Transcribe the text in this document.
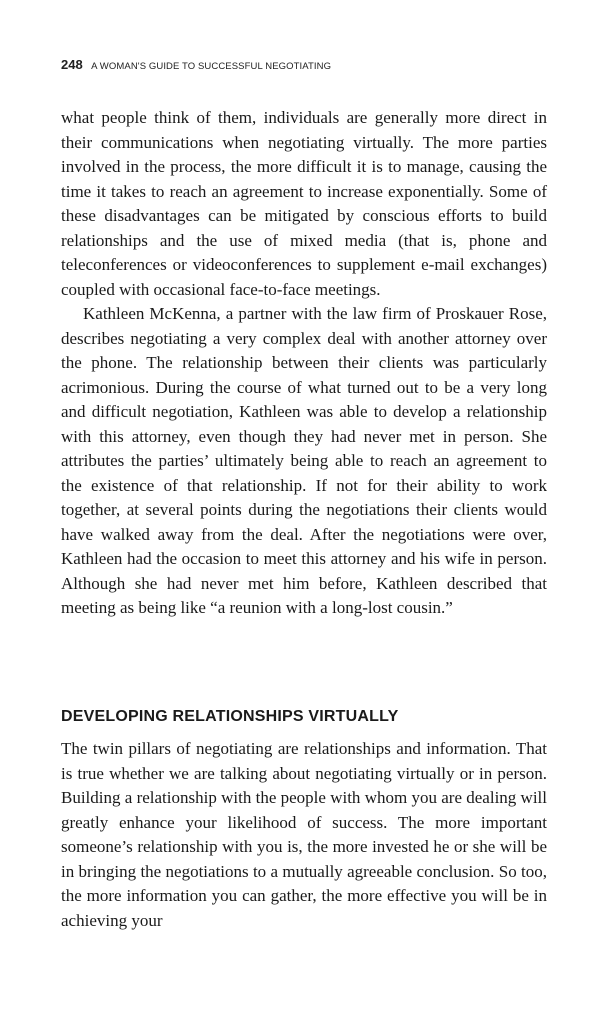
248 A WOMAN'S GUIDE TO SUCCESSFUL NEGOTIATING

what people think of them, individuals are generally more direct in their communications when negotiating virtually. The more parties involved in the process, the more difficult it is to manage, causing the time it takes to reach an agreement to increase exponentially. Some of these disadvantages can be mitigated by conscious efforts to build relationships and the use of mixed media (that is, phone and teleconferences or videoconferences to supplement e-mail exchanges) coupled with occasional face-to-face meetings.

Kathleen McKenna, a partner with the law firm of Proskauer Rose, describes negotiating a very complex deal with another attorney over the phone. The relationship between their clients was particularly acrimonious. During the course of what turned out to be a very long and difficult negotiation, Kathleen was able to develop a relationship with this attorney, even though they had never met in person. She attributes the parties’ ultimately being able to reach an agreement to the existence of that relationship. If not for their ability to work together, at several points during the negotiations their clients would have walked away from the deal. After the negotiations were over, Kathleen had the occasion to meet this attorney and his wife in person. Although she had never met him before, Kathleen described that meeting as being like “a reunion with a long-lost cousin.”

DEVELOPING RELATIONSHIPS VIRTUALLY

The twin pillars of negotiating are relationships and information. That is true whether we are talking about negotiating virtually or in person. Building a relationship with the people with whom you are dealing will greatly enhance your likelihood of success. The more important someone’s relationship with you is, the more invested he or she will be in bringing the negotiations to a mutually agreeable conclusion. So too, the more information you can gather, the more effective you will be in achieving your
